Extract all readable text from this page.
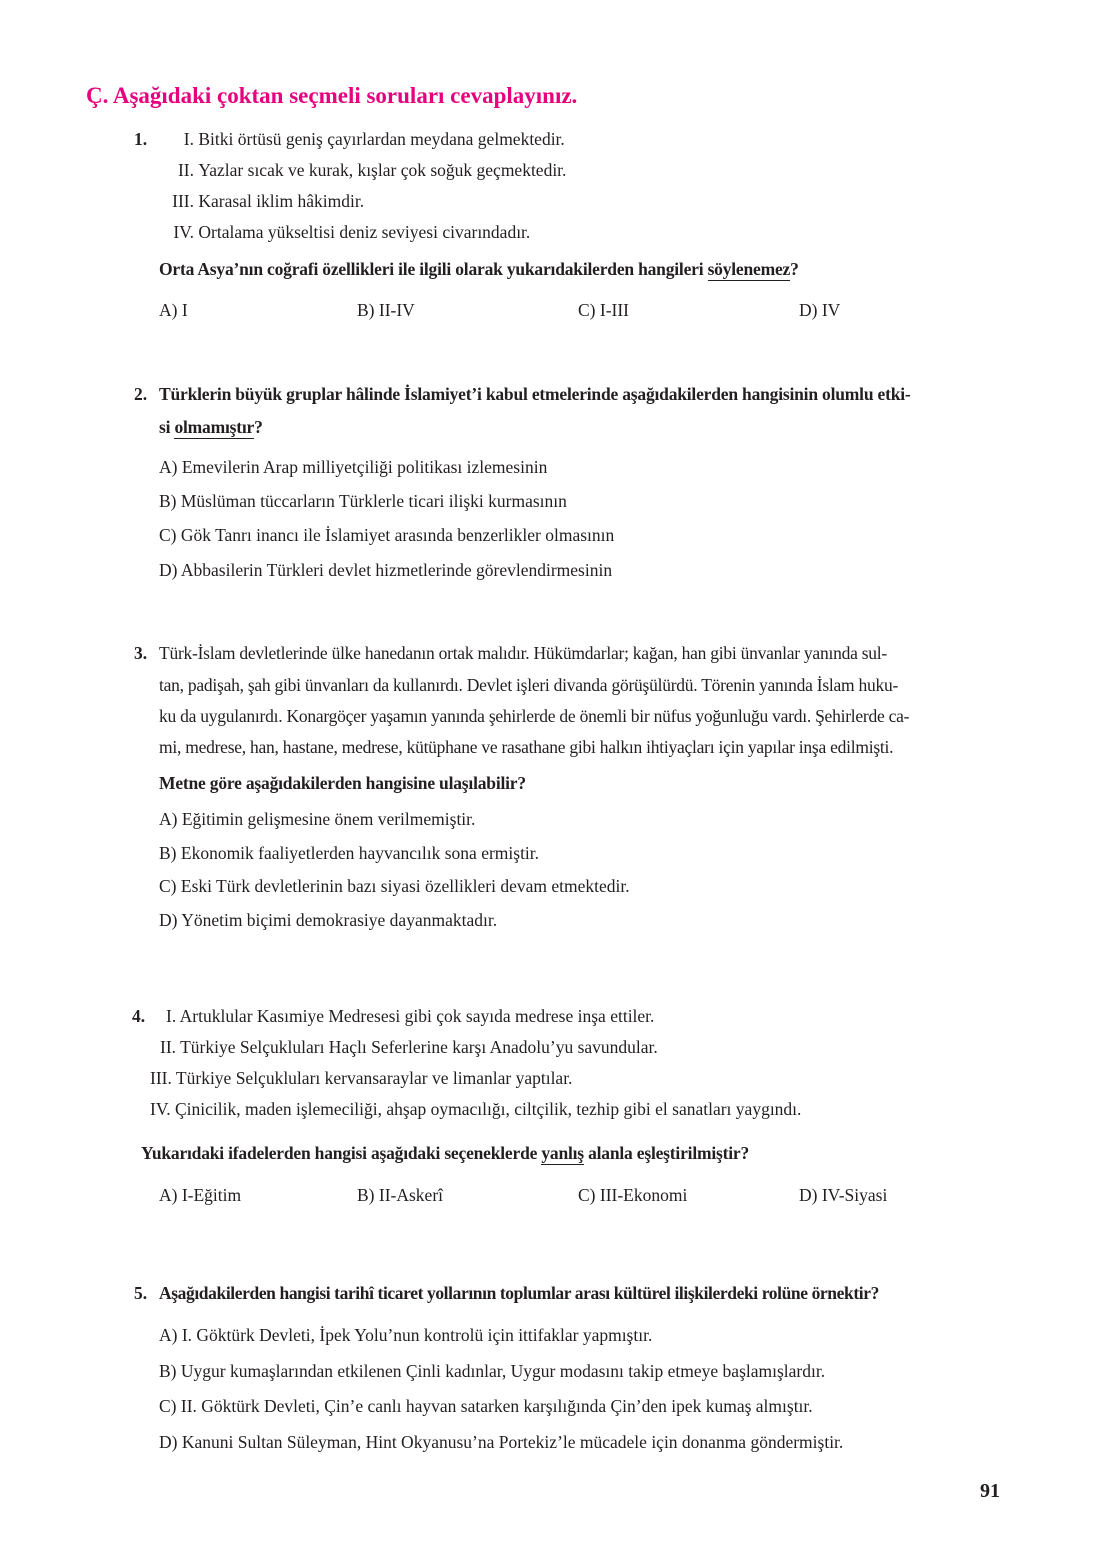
Ç. Aşağıdaki çoktan seçmeli soruları cevaplayınız.
1.	I. Bitki örtüsü geniş çayırlardan meydana gelmektedir.
II. Yazlar sıcak ve kurak, kışlar çok soğuk geçmektedir.
III. Karasal iklim hâkimdir.
IV. Ortalama yükseltisi deniz seviyesi civarındadır.
Orta Asya’nın coğrafi özellikleri ile ilgili olarak yukarıdakilerden hangileri söylenemez?
A) I	B) II-IV	C) I-III	D) IV
2. Türklerin büyük gruplar hâlinde İslamiyet’i kabul etmelerinde aşağıdakilerden hangisinin olumlu etki-
si olmamıştır?
A) Emevilerin Arap milliyetçiliği politikası izlemesinin
B) Müslüman tüccarların Türklerle ticari ilişki kurmasının
C) Gök Tanrı inancı ile İslamiyet arasında benzerlikler olmasının
D) Abbasilerin Türkleri devlet hizmetlerinde görevlendirmesinin
3. Türk-İslam devletlerinde ülke hanedanın ortak malıdır. Hükümdarlar; kağan, han gibi ünvanlar yanında sul-
tan, padişah, şah gibi ünvanları da kullanırdı. Devlet işleri divanda görüşülürdü. Törenin yanında İslam huku-
ku da uygulanırdı. Konargöçer yaşamın yanında şehirlerde de önemli bir nüfus yoğunluğu vardı. Şehirlerde ca-
mi, medrese, han, hastane, medrese, kütüphane ve rasathane gibi halkın ihtiyaçları için yapılar inşa edilmişti.
Metne göre aşağıdakilerden hangisine ulaşılabilir?
A) Eğitimin gelişmesine önem verilmemiştir.
B) Ekonomik faaliyetlerden hayvancılık sona ermiştir.
C) Eski Türk devletlerinin bazı siyasi özellikleri devam etmektedir.
D) Yönetim biçimi demokrasiye dayanmaktadır.
4. I. Artuklular Kasımiye Medresesi gibi çok sayıda medrese inşa ettiler.
II. Türkiye Selçukluları Haçlı Seferlerine karşı Anadolu’yu savundular.
III. Türkiye Selçukluları kervansaraylar ve limanlar yaptılar.
IV. Çinicilik, maden işlemeciliği, ahşap oymacılığı, ciltçilik, tezhip gibi el sanatları yaygındı.
Yukarıdaki ifadelerden hangisi aşağıdaki seçeneklerde yanlış alanla eşleştirilmiştir?
A) I-Eğitim	B) II-Askerî	C) III-Ekonomi	D) IV-Siyasi
5. Aşağıdakilerden hangisi tarihî ticaret yollarının toplumlar arası kültürel ilişkilerdeki rolüne örnektir?
A) I. Göktürk Devleti, İpek Yolu’nun kontrolü için ittifaklar yapmıştır.
B) Uygur kumaşlarından etkilenen Çinli kadınlar, Uygur modasını takip etmeye başlamışlardır.
C) II. Göktürk Devleti, Çin’e canlı hayvan satarken karşılığında Çin’den ipek kumaş almıştır.
D) Kanuni Sultan Süleyman, Hint Okyanusu’na Portekiz’le mücadele için donanma göndermiştir.
91
